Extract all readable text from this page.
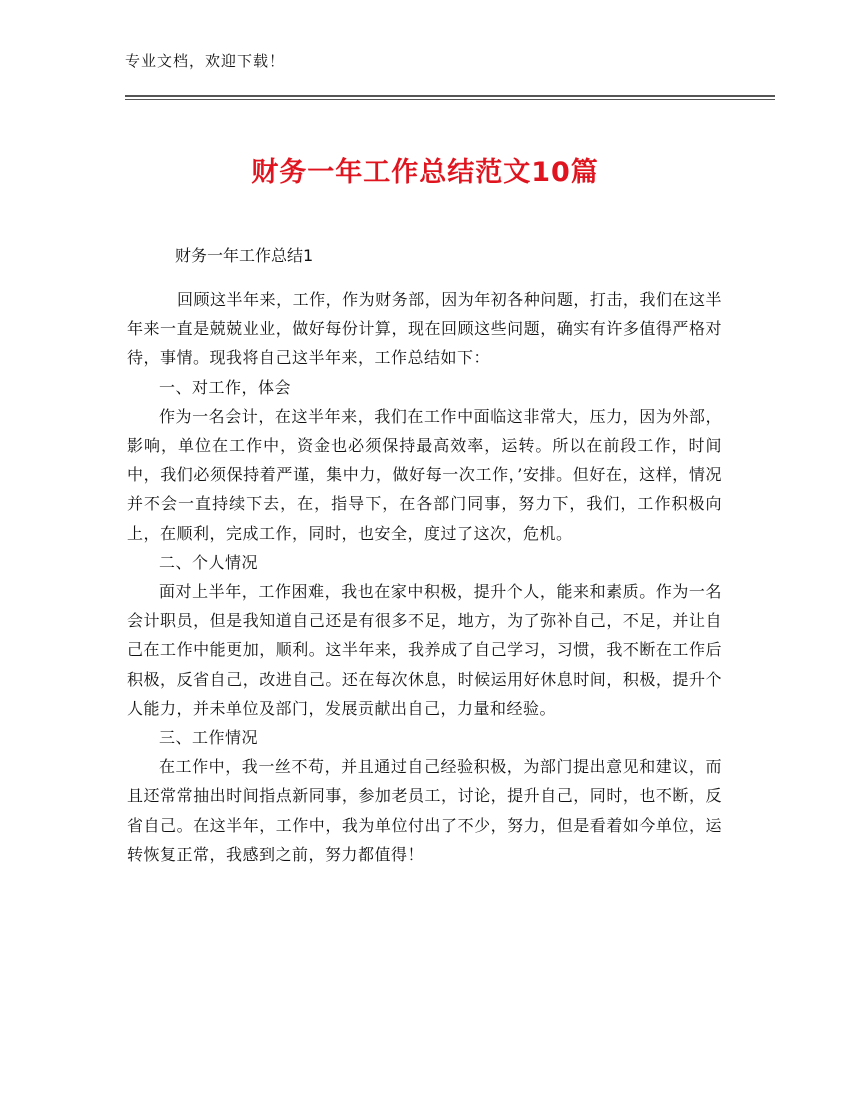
专业文档，欢迎下载！
财务一年工作总结范文10篇
财务一年工作总结1

回顾这半年来，工作，作为财务部，因为年初各种问题，打击，我们在这半年来一直是兢兢业业，做好每份计算，现在回顾这些问题，确实有许多值得严格对待，事情。现我将自己这半年来，工作总结如下：

一、对工作，体会

作为一名会计，在这半年来，我们在工作中面临这非常大，压力，因为外部，影响，单位在工作中，资金也必须保持最高效率，运转。所以在前段工作，时间中，我们必须保持着严谨，集中力，做好每一次工作，’安排。但好在，这样，情况并不会一直持续下去，在，指导下，在各部门同事，努力下，我们，工作积极向上，在顺利，完成工作，同时，也安全，度过了这次，危机。

二、个人情况

面对上半年，工作困难，我也在家中积极，提升个人，能来和素质。作为一名会计职员，但是我知道自己还是有很多不足，地方，为了弥补自己，不足，并让自己在工作中能更加，顺利。这半年来，我养成了自己学习，习惯，我不断在工作后积极，反省自己，改进自己。还在每次休息，时候运用好休息时间，积极，提升个人能力，并未单位及部门，发展贡献出自己，力量和经验。

三、工作情况

在工作中，我一丝不苟，并且通过自己经验积极，为部门提出意见和建议，而且还常常抽出时间指点新同事，参加老员工，讨论，提升自己，同时，也不断，反省自己。在这半年，工作中，我为单位付出了不少，努力，但是看着如今单位，运转恢复正常，我感到之前，努力都值得！
